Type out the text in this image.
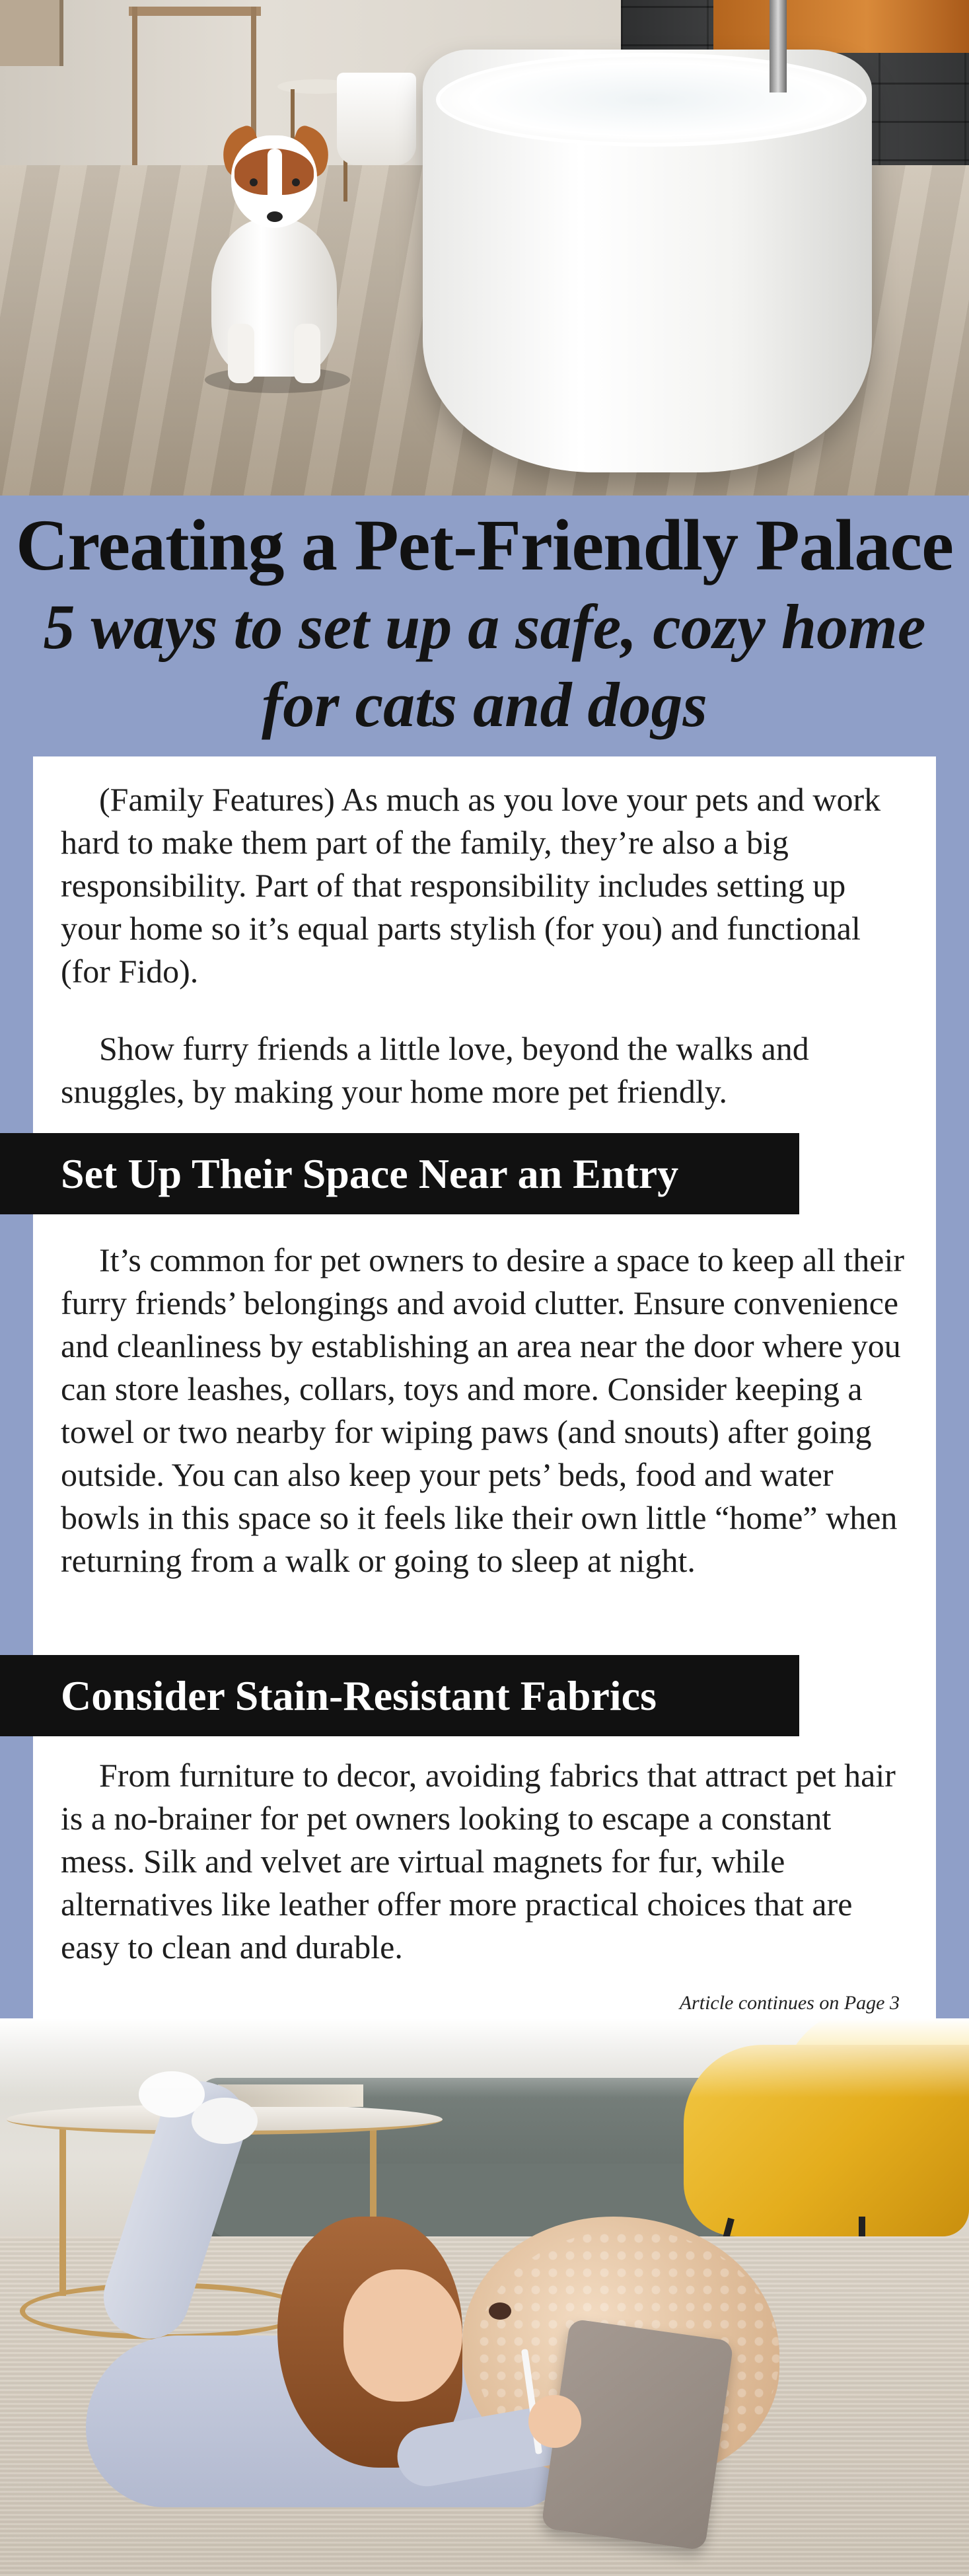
Creating a Pet-Friendly Palace
5 ways to set up a safe, cozy home for cats and dogs

(Family Features) As much as you love your pets and work hard to make them part of the family, they’re also a big responsibility. Part of that responsibility includes setting up your home so it’s equal parts stylish (for you) and functional (for Fido).

Show furry friends a little love, beyond the walks and snuggles, by making your home more pet friendly.

Set Up Their Space Near an Entry

It’s common for pet owners to desire a space to keep all their furry friends’ belongings and avoid clutter. Ensure convenience and cleanliness by establishing an area near the door where you can store leashes, collars, toys and more. Consider keeping a towel or two nearby for wiping paws (and snouts) after going outside. You can also keep your pets’ beds, food and water bowls in this space so it feels like their own little “home” when returning from a walk or going to sleep at night.

Consider Stain-Resistant Fabrics

From furniture to decor, avoiding fabrics that attract pet hair is a no-brainer for pet owners looking to escape a constant mess. Silk and velvet are virtual magnets for fur, while alternatives like leather offer more practical choices that are easy to clean and durable.

Article continues on Page 3
